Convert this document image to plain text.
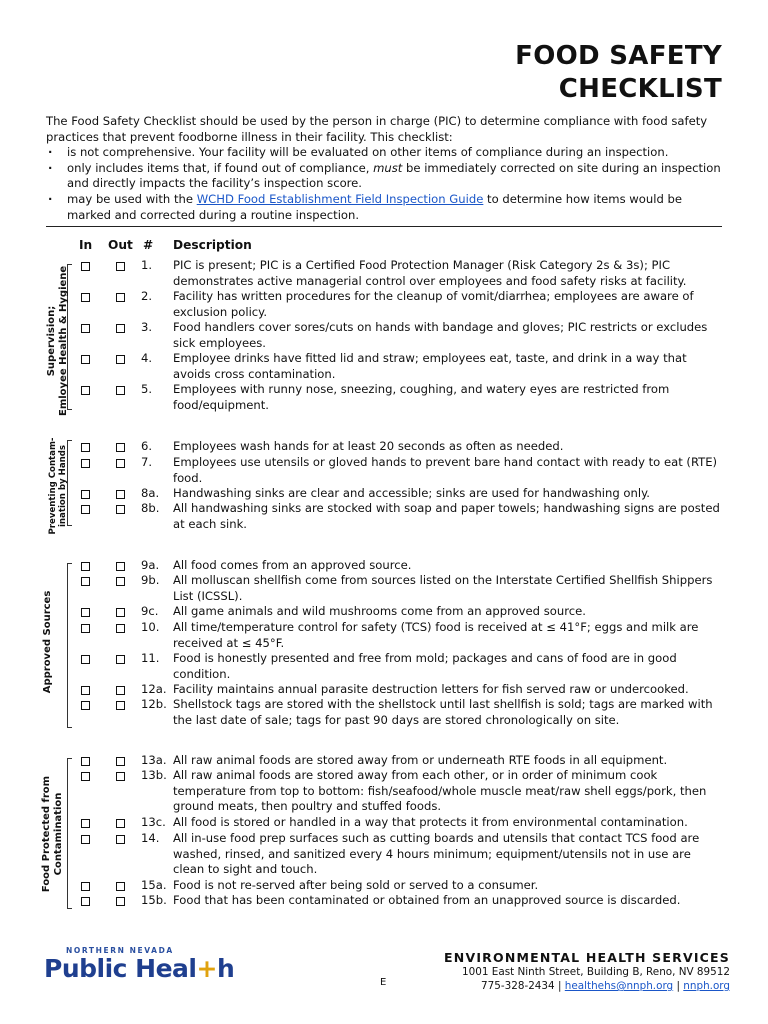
FOOD SAFETY
CHECKLIST

The Food Safety Checklist should be used by the person in charge (PIC) to determine compliance with food safety practices that prevent foodborne illness in their facility. This checklist:

· is not comprehensive. Your facility will be evaluated on other items of compliance during an inspection.
· only includes items that, if found out of compliance, must be immediately corrected on site during an inspection and directly impacts the facility’s inspection score.
· may be used with the WCHD Food Establishment Field Inspection Guide to determine how items would be marked and corrected during a routine inspection.
In Out # Description
Supervision; Emloyee Health & Hygiene
1. PIC is present; PIC is a Certified Food Protection Manager (Risk Category 2s & 3s); PIC demonstrates active managerial control over employees and food safety risks at facility.
2. Facility has written procedures for the cleanup of vomit/diarrhea; employees are aware of exclusion policy.
3. Food handlers cover sores/cuts on hands with bandage and gloves; PIC restricts or excludes sick employees.
4. Employee drinks have fitted lid and straw; employees eat, taste, and drink in a way that avoids cross contamination.
5. Employees with runny nose, sneezing, coughing, and watery eyes are restricted from food/equipment.
Preventing Contam- ination by Hands	6. Employees wash hands for at least 20 seconds as often as needed.
7. Employees use utensils or gloved hands to prevent bare hand contact with ready to eat (RTE) food.
8a. Handwashing sinks are clear and accessible; sinks are used for handwashing only.
8b. All handwashing sinks are stocked with soap and paper towels; handwashing signs are posted at each sink.
Approved Sources
9a. All food comes from an approved source.
9b. All molluscan shellfish come from sources listed on the Interstate Certified Shellfish Shippers List (ICSSL).
9c. All game animals and wild mushrooms come from an approved source.
10. All time/temperature control for safety (TCS) food is received at ≤ 41°F; eggs and milk are received at ≤ 45°F.
11. Food is honestly presented and free from mold; packages and cans of food are in good condition.
12a. Facility maintains annual parasite destruction letters for fish served raw or undercooked.
12b. Shellstock tags are stored with the shellstock until last shellfish is sold; tags are marked with the last date of sale; tags for past 90 days are stored chronologically on site.
Food Protected from Contamination
13a. All raw animal foods are stored away from or underneath RTE foods in all equipment.
13b. All raw animal foods are stored away from each other, or in order of minimum cook temperature from top to bottom: fish/seafood/whole muscle meat/raw shell eggs/pork, then ground meats, then poultry and stuffed foods.
13c. All food is stored or handled in a way that protects it from environmental contamination.
14. All in-use food prep surfaces such as cutting boards and utensils that contact TCS food are washed, rinsed, and sanitized every 4 hours minimum; equipment/utensils not in use are clean to sight and touch.
15a. Food is not re-served after being sold or served to a consumer.
15b. Food that has been contaminated or obtained from an unapproved source is discarded.
NORTHERN NEVADA
Public Heal+h	ENVIRONMENTAL HEALTH SERVICES
1001 East Ninth Street, Building B, Reno, NV 89512
775-328-2434 | healthehs@nnph.org | nnph.org
E
